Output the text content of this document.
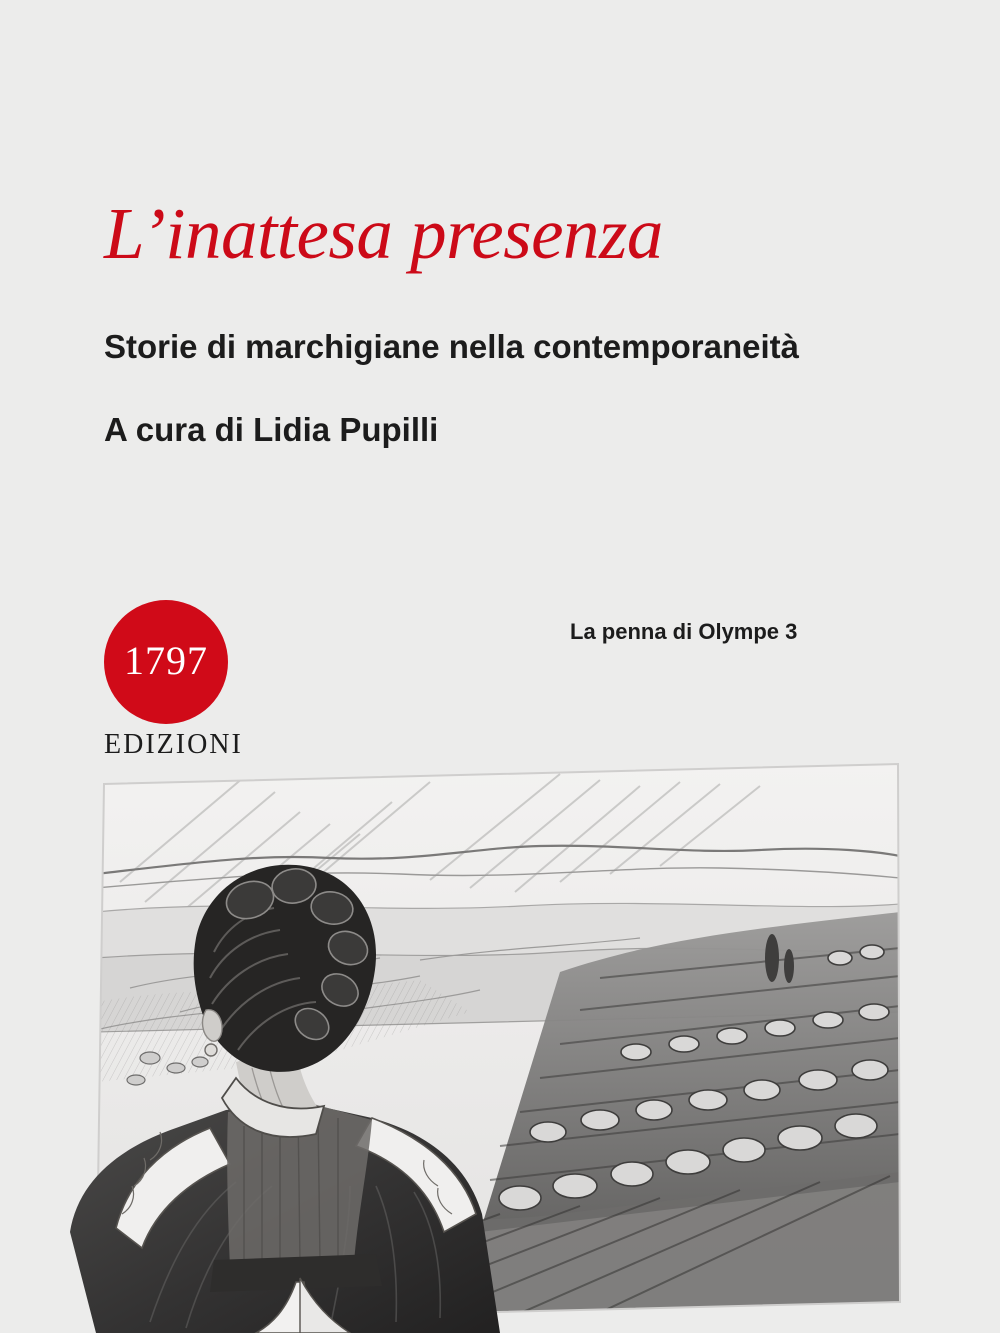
L’inattesa presenza
Storie di marchigiane nella contemporaneità
A cura di Lidia Pupilli
La penna di Olympe 3
1797
EDIZIONI
